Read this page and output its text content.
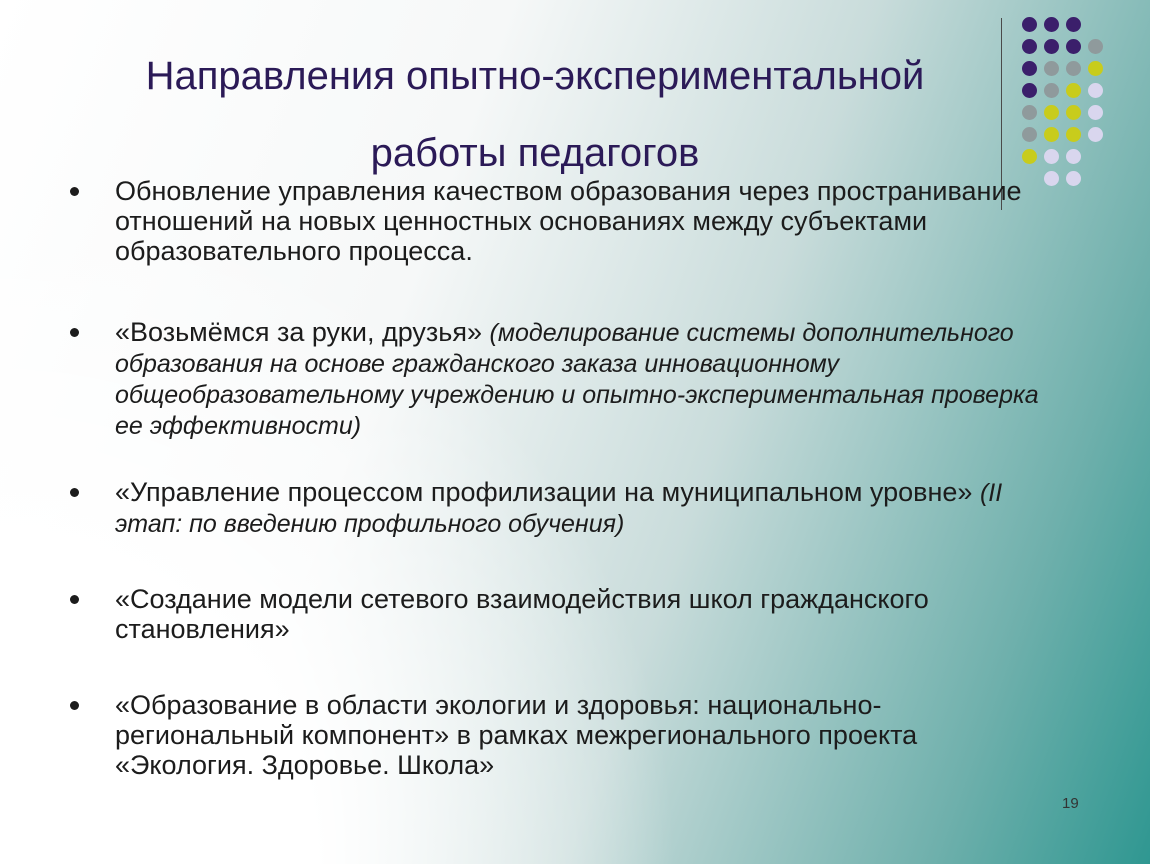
Направления опытно-экспериментальной
работы педагогов
Обновление управления качеством образования через пространивание отношений на новых ценностных основаниях между субъектами образовательного процесса.
«Возьмёмся за руки, друзья» (моделирование системы дополнительного образования на основе гражданского заказа инновационному общеобразовательному учреждению и опытно-экспериментальная проверка ее эффективности)
«Управление процессом профилизации на муниципальном уровне» (II этап: по введению профильного обучения)
«Создание модели сетевого взаимодействия школ гражданского становления»
«Образование в области экологии и здоровья: национально-региональный компонент» в рамках межрегионального проекта «Экология. Здоровье. Школа»
19
